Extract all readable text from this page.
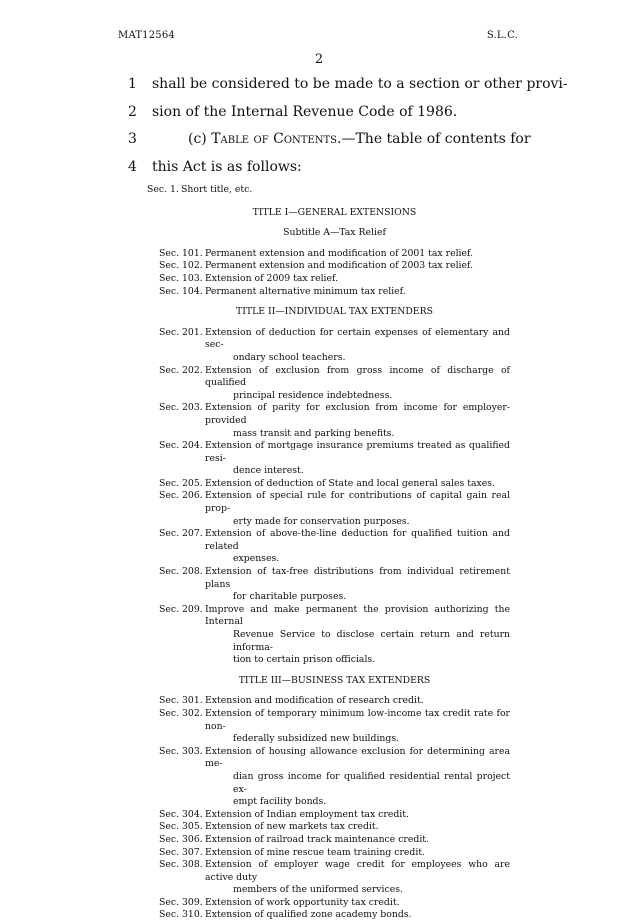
MAT12564	S.L.C.
2
1 shall be considered to be made to a section or other provi-
2 sion of the Internal Revenue Code of 1986.
3	(c) Table of Contents.—The table of contents for
4 this Act is as follows:
Sec. 1. Short title, etc.
TITLE I—GENERAL EXTENSIONS
Subtitle A—Tax Relief
Sec. 101. Permanent extension and modification of 2001 tax relief.
Sec. 102. Permanent extension and modification of 2003 tax relief.
Sec. 103. Extension of 2009 tax relief.
Sec. 104. Permanent alternative minimum tax relief.
TITLE II—INDIVIDUAL TAX EXTENDERS
Sec. 201. Extension of deduction for certain expenses of elementary and sec-
ondary school teachers.
Sec. 202. Extension of exclusion from gross income of discharge of qualified
principal residence indebtedness.
Sec. 203. Extension of parity for exclusion from income for employer-provided
mass transit and parking benefits.
Sec. 204. Extension of mortgage insurance premiums treated as qualified resi-
dence interest.
Sec. 205. Extension of deduction of State and local general sales taxes.
Sec. 206. Extension of special rule for contributions of capital gain real prop-
erty made for conservation purposes.
Sec. 207. Extension of above-the-line deduction for qualified tuition and related
expenses.
Sec. 208. Extension of tax-free distributions from individual retirement plans
for charitable purposes.
Sec. 209. Improve and make permanent the provision authorizing the Internal
Revenue Service to disclose certain return and return informa-
tion to certain prison officials.
TITLE III—BUSINESS TAX EXTENDERS
Sec. 301. Extension and modification of research credit.
Sec. 302. Extension of temporary minimum low-income tax credit rate for non-
federally subsidized new buildings.
Sec. 303. Extension of housing allowance exclusion for determining area me-
dian gross income for qualified residential rental project ex-
empt facility bonds.
Sec. 304. Extension of Indian employment tax credit.
Sec. 305. Extension of new markets tax credit.
Sec. 306. Extension of railroad track maintenance credit.
Sec. 307. Extension of mine rescue team training credit.
Sec. 308. Extension of employer wage credit for employees who are active duty
members of the uniformed services.
Sec. 309. Extension of work opportunity tax credit.
Sec. 310. Extension of qualified zone academy bonds.
